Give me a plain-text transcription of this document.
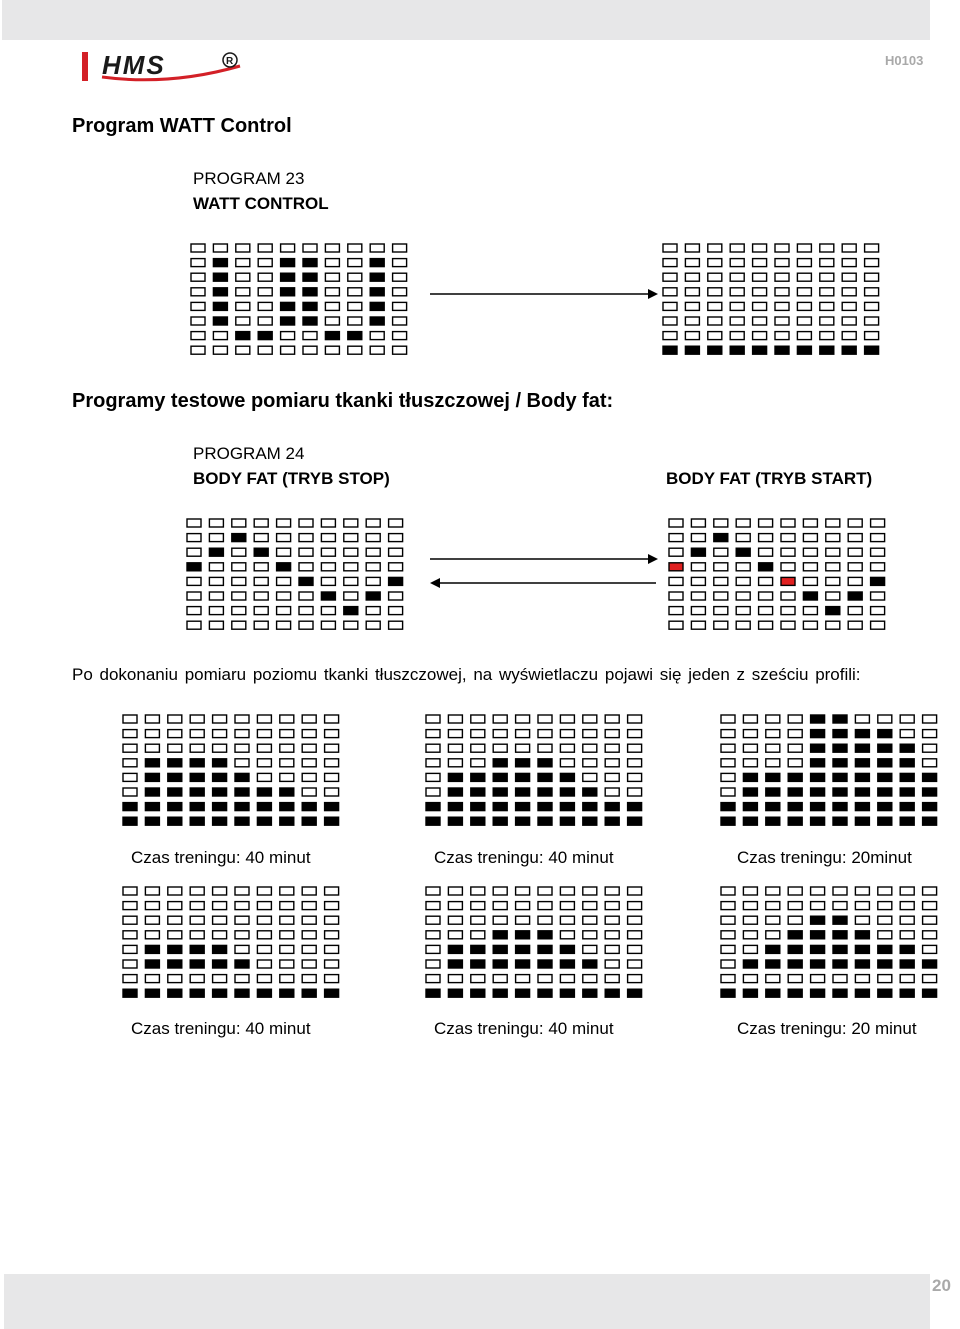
H0103
HMS	R
Program WATT Control
PROGRAM 23
WATT CONTROL
Programy testowe pomiaru tkanki tłuszczowej / Body fat:
PROGRAM 24
BODY FAT (TRYB STOP)	BODY FAT (TRYB START)
Po dokonaniu pomiaru poziomu tkanki tłuszczowej, na wyświetlaczu pojawi się jeden z sześciu profili:
Czas treningu: 40 minut	Czas treningu: 40 minut	Czas treningu: 20minut
Czas treningu: 40 minut	Czas treningu: 40 minut	Czas treningu: 20 minut
20
